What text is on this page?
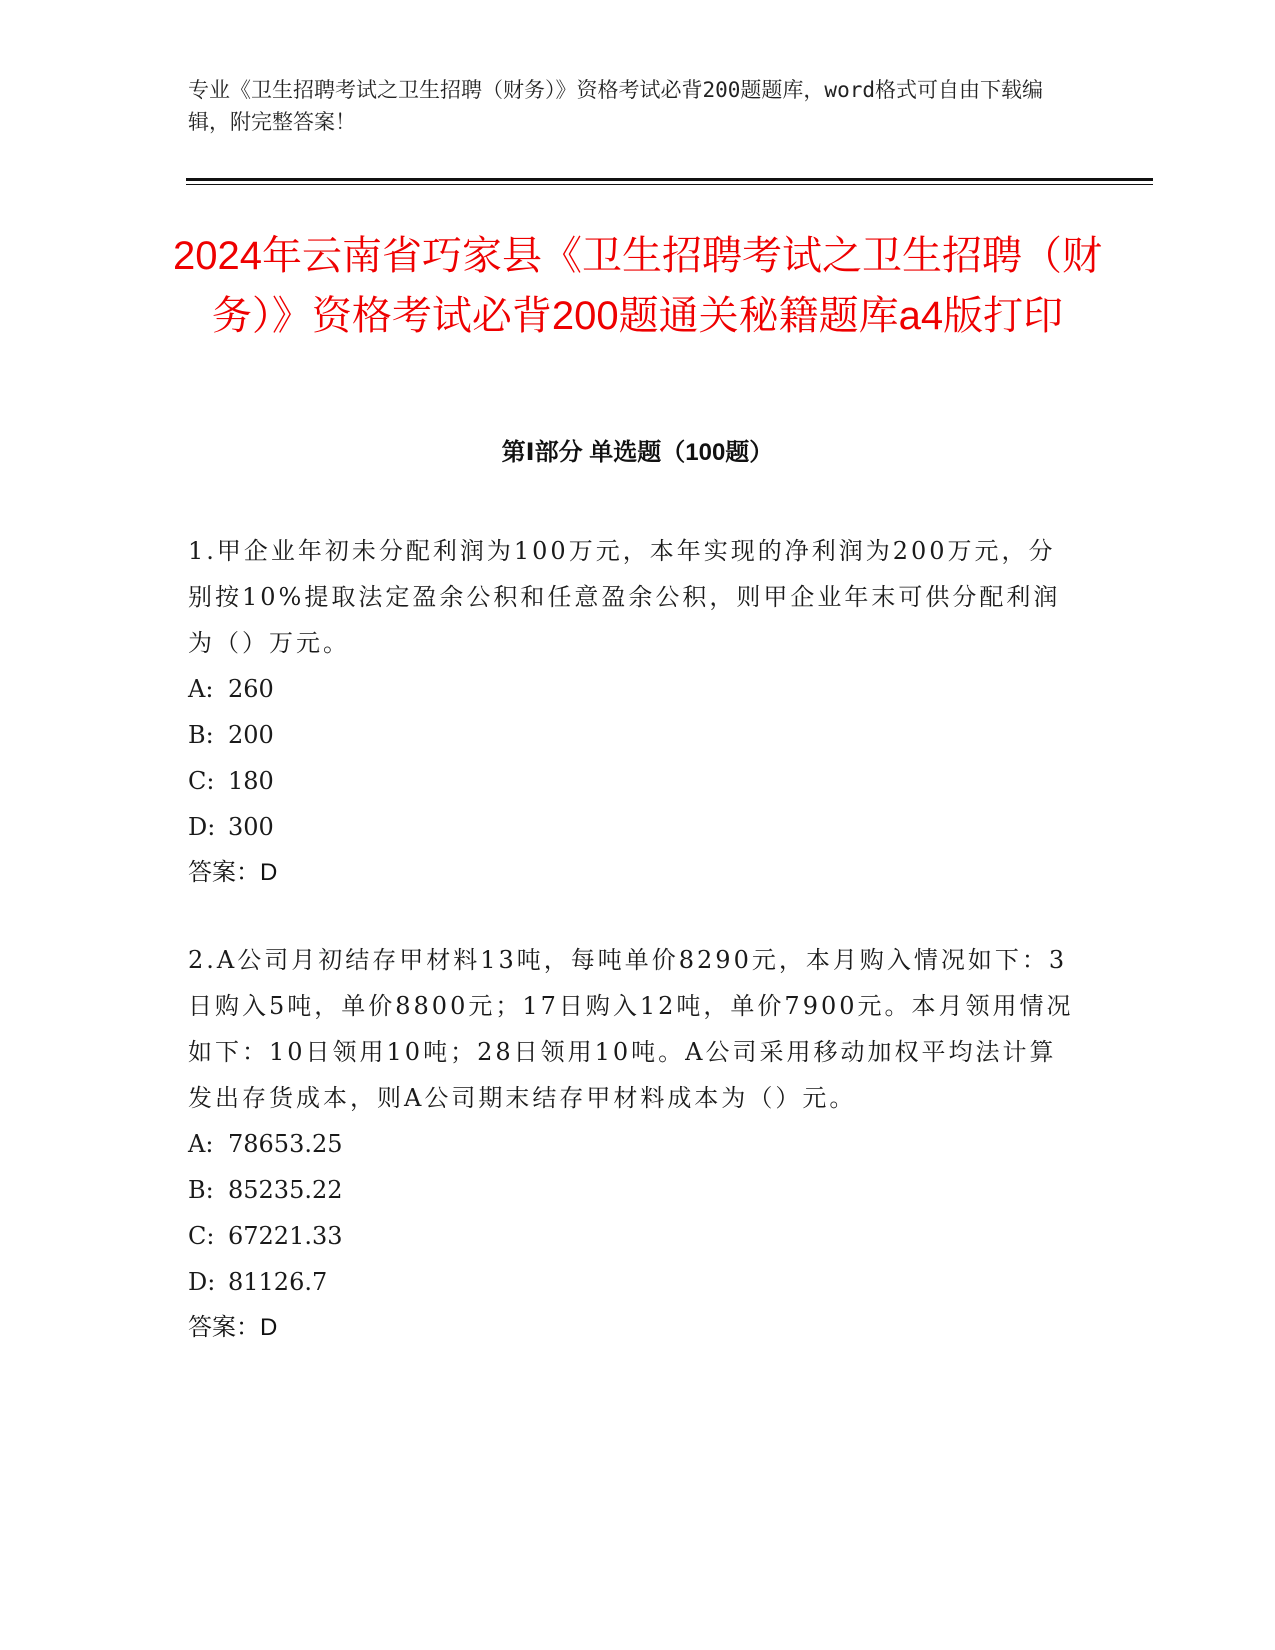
专业《卫生招聘考试之卫生招聘（财务）》资格考试必背200题题库，word格式可自由下载编辑，附完整答案！
2024年云南省巧家县《卫生招聘考试之卫生招聘（财务）》资格考试必背200题通关秘籍题库a4版打印
第Ⅰ部分 单选题（100题）

1.甲企业年初未分配利润为100万元，本年实现的净利润为200万元，分别按10%提取法定盈余公积和任意盈余公积，则甲企业年末可供分配利润为（）万元。

A: 260
B: 200
C: 180
D: 300
答案：D

2.A公司月初结存甲材料13吨，每吨单价8290元，本月购入情况如下：3日购入5吨，单价8800元；17日购入12吨，单价7900元。本月领用情况如下：10日领用10吨；28日领用10吨。A公司采用移动加权平均法计算发出存货成本，则A公司期末结存甲材料成本为（）元。

A: 78653.25
B: 85235.22
C: 67221.33
D: 81126.7
答案：D
